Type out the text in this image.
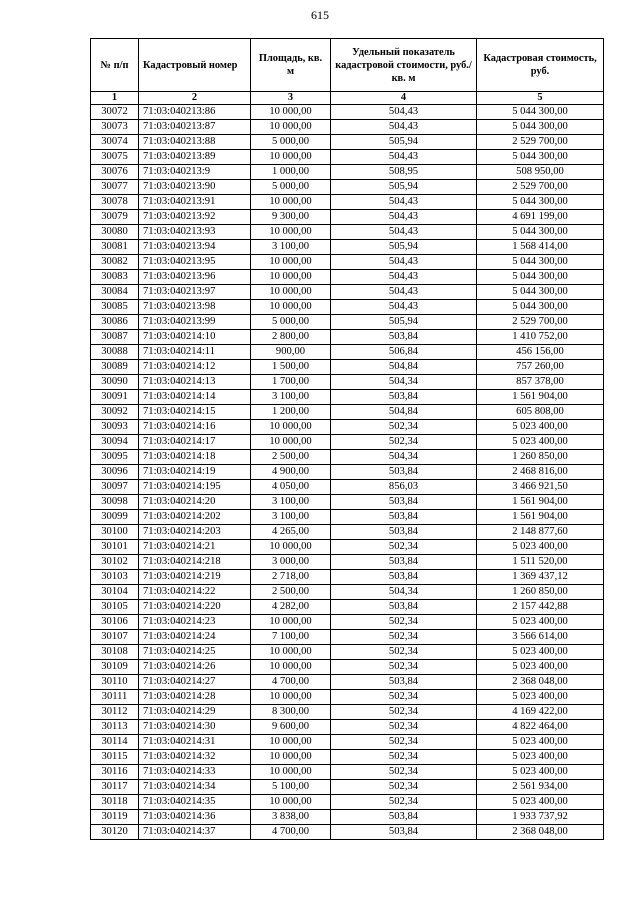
615
№ п/п	Кадастровый номер	Площадь, кв. м	Удельный показатель кадастровой стоимости, руб./кв. м	Кадастровая стоимость, руб.
1	2	3	4	5
30072	71:03:040213:86	10 000,00	504,43	5 044 300,00
30073	71:03:040213:87	10 000,00	504,43	5 044 300,00
30074	71:03:040213:88	5 000,00	505,94	2 529 700,00
30075	71:03:040213:89	10 000,00	504,43	5 044 300,00
30076	71:03:040213:9	1 000,00	508,95	508 950,00
30077	71:03:040213:90	5 000,00	505,94	2 529 700,00
30078	71:03:040213:91	10 000,00	504,43	5 044 300,00
30079	71:03:040213:92	9 300,00	504,43	4 691 199,00
30080	71:03:040213:93	10 000,00	504,43	5 044 300,00
30081	71:03:040213:94	3 100,00	505,94	1 568 414,00
30082	71:03:040213:95	10 000,00	504,43	5 044 300,00
30083	71:03:040213:96	10 000,00	504,43	5 044 300,00
30084	71:03:040213:97	10 000,00	504,43	5 044 300,00
30085	71:03:040213:98	10 000,00	504,43	5 044 300,00
30086	71:03:040213:99	5 000,00	505,94	2 529 700,00
30087	71:03:040214:10	2 800,00	503,84	1 410 752,00
30088	71:03:040214:11	900,00	506,84	456 156,00
30089	71:03:040214:12	1 500,00	504,84	757 260,00
30090	71:03:040214:13	1 700,00	504,34	857 378,00
30091	71:03:040214:14	3 100,00	503,84	1 561 904,00
30092	71:03:040214:15	1 200,00	504,84	605 808,00
30093	71:03:040214:16	10 000,00	502,34	5 023 400,00
30094	71:03:040214:17	10 000,00	502,34	5 023 400,00
30095	71:03:040214:18	2 500,00	504,34	1 260 850,00
30096	71:03:040214:19	4 900,00	503,84	2 468 816,00
30097	71:03:040214:195	4 050,00	856,03	3 466 921,50
30098	71:03:040214:20	3 100,00	503,84	1 561 904,00
30099	71:03:040214:202	3 100,00	503,84	1 561 904,00
30100	71:03:040214:203	4 265,00	503,84	2 148 877,60
30101	71:03:040214:21	10 000,00	502,34	5 023 400,00
30102	71:03:040214:218	3 000,00	503,84	1 511 520,00
30103	71:03:040214:219	2 718,00	503,84	1 369 437,12
30104	71:03:040214:22	2 500,00	504,34	1 260 850,00
30105	71:03:040214:220	4 282,00	503,84	2 157 442,88
30106	71:03:040214:23	10 000,00	502,34	5 023 400,00
30107	71:03:040214:24	7 100,00	502,34	3 566 614,00
30108	71:03:040214:25	10 000,00	502,34	5 023 400,00
30109	71:03:040214:26	10 000,00	502,34	5 023 400,00
30110	71:03:040214:27	4 700,00	503,84	2 368 048,00
30111	71:03:040214:28	10 000,00	502,34	5 023 400,00
30112	71:03:040214:29	8 300,00	502,34	4 169 422,00
30113	71:03:040214:30	9 600,00	502,34	4 822 464,00
30114	71:03:040214:31	10 000,00	502,34	5 023 400,00
30115	71:03:040214:32	10 000,00	502,34	5 023 400,00
30116	71:03:040214:33	10 000,00	502,34	5 023 400,00
30117	71:03:040214:34	5 100,00	502,34	2 561 934,00
30118	71:03:040214:35	10 000,00	502,34	5 023 400,00
30119	71:03:040214:36	3 838,00	503,84	1 933 737,92
30120	71:03:040214:37	4 700,00	503,84	2 368 048,00
